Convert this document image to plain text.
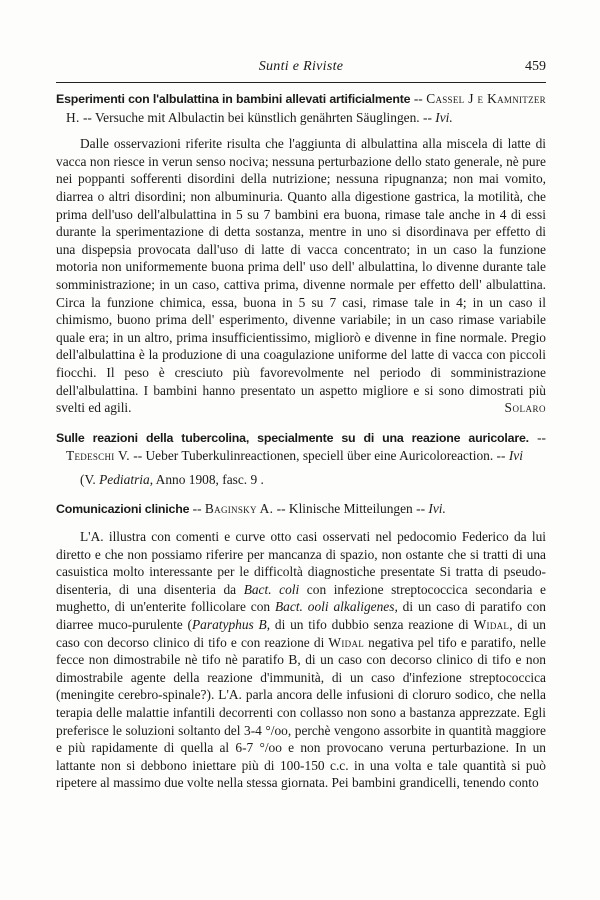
Sunti e Riviste	459

Esperimenti con l'albulattina in bambini allevati artificialmente -- Cassel J e Kamnitzer H. -- Versuche mit Albulactin bei künstlich genährten Säuglingen. -- Ivi.

Dalle osservazioni riferite risulta che l'aggiunta di albulattina alla miscela di latte di vacca non riesce in verun senso nociva; nessuna perturbazione dello stato generale, nè pure nei poppanti sofferenti disordini della nutrizione; nessuna ripugnanza; non mai vomito, diarrea o altri disordini; non albuminuria. Quanto alla digestione gastrica, la motilità, che prima dell'uso dell'albulattina in 5 su 7 bambini era buona, rimase tale anche in 4 di essi durante la sperimentazione di detta sostanza, mentre in uno si disordinava per effetto di una dispepsia provocata dall'uso di latte di vacca concentrato; in un caso la funzione motoria non uniformemente buona prima dell' uso dell' albulattina, lo divenne durante tale somministrazione; in un caso, cattiva prima, divenne normale per effetto dell' albulattina. Circa la funzione chimica, essa, buona in 5 su 7 casi, rimase tale in 4; in un caso il chimismo, buono prima dell' esperimento, divenne variabile; in un caso rimase variabile quale era; in un altro, prima insufficientissimo, migliorò e divenne in fine normale. Pregio dell'albulattina è la produzione di una coagulazione uniforme del latte di vacca con piccoli fiocchi. Il peso è cresciuto più favorevolmente nel periodo di somministrazione dell'albulattina. I bambini hanno presentato un aspetto migliore e si sono dimostrati più svelti ed agili.	Solaro

Sulle reazioni della tubercolina, specialmente su di una reazione auricolare. -- Tedeschi V. -- Ueber Tuberkulinreactionen, speciell über eine Auricoloreaction. -- Ivi

(V. Pediatria, Anno 1908, fasc. 9 .

Comunicazioni cliniche -- Baginsky A. -- Klinische Mitteilungen -- Ivi.

L'A. illustra con comenti e curve otto casi osservati nel pedocomio Federico da lui diretto e che non possiamo riferire per mancanza di spazio, non ostante che si tratti di una casuistica molto interessante per le difficoltà diagnostiche presentate Si tratta di pseudo-disenteria, di una disenteria da Bact. coli con infezione streptococcica secondaria e mughetto, di un'enterite follicolare con Bact. ooli alkaligenes, di un caso di paratifo con diarree muco-purulente (Paratyphus B, di un tifo dubbio senza reazione di Widal, di un caso con decorso clinico di tifo e con reazione di Widal negativa pel tifo e paratifo, nelle fecce non dimostrabile nè tifo nè paratifo B, di un caso con decorso clinico di tifo e non dimostrabile agente della reazione d'immunità, di un caso d'infezione streptococcica (meningite cerebro-spinale?). L'A. parla ancora delle infusioni di cloruro sodico, che nella terapia delle malattie infantili decorrenti con collasso non sono a bastanza apprezzate. Egli preferisce le soluzioni soltanto del 3-4 °/oo, perchè vengono assorbite in quantità maggiore e più rapidamente di quella al 6-7 °/oo e non provocano veruna perturbazione. In un lattante non si debbono iniettare più di 100-150 c.c. in una volta e tale quantità si può ripetere al massimo due volte nella stessa giornata. Pei bambini grandicelli, tenendo conto
